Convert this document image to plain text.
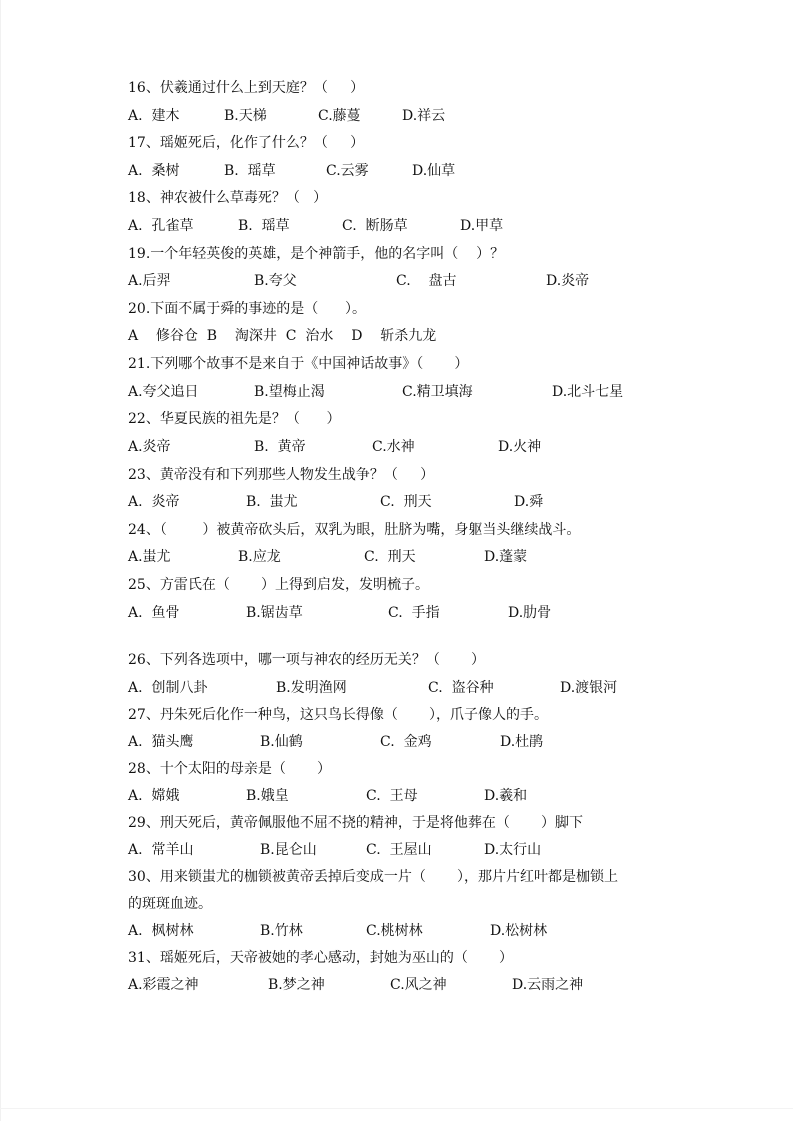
16、伏羲通过什么上到天庭？（     ）
A.  建木	B.天梯	C.藤蔓	D.祥云
17、瑶姬死后，化作了什么？（     ）
A.  桑树	B.  瑶草	C.云雾	D.仙草
18、神农被什么草毒死？（   ）
A.  孔雀草	B.  瑶草	C.  断肠草	D.甲草
19.一个年轻英俊的英雄，是个神箭手，他的名字叫（    ）？
A.后羿	B.夸父	C.    盘古	D.炎帝
20.下面不属于舜的事迹的是（      ）。
A    修谷仓  B    淘深井  C  治水    D    斩杀九龙
21.下列哪个故事不是来自于《中国神话故事》（       ）
A.夸父追日	B.望梅止渴	C.精卫填海	D.北斗七星
22、华夏民族的祖先是？（      ）
A.炎帝	B.  黄帝	C.水神	D.火神
23、黄帝没有和下列那些人物发生战争？（     ）
A.  炎帝	B.  蚩尤	C.  刑天	D.舜
24、（        ）被黄帝砍头后，双乳为眼，肚脐为嘴，身躯当头继续战斗。
A.蚩尤	B.应龙	C.  刑天	D.蓬蒙
25、方雷氏在（       ）上得到启发，发明梳子。
A.  鱼骨	B.锯齿草	C.  手指	D.肋骨
26、下列各选项中，哪一项与神农的经历无关？（       ）
A.  创制八卦	B.发明渔网	C.  盗谷种	D.渡银河
27、丹朱死后化作一种鸟，这只鸟长得像（       ），爪子像人的手。
A.  猫头鹰	B.仙鹤	C.  金鸡	D.杜鹃
28、十个太阳的母亲是（       ）
A.  嫦娥	B.娥皇	C.  王母	D.羲和
29、刑天死后，黄帝佩服他不屈不挠的精神，于是将他葬在（       ）脚下
A.  常羊山	B.昆仑山	C.  王屋山	D.太行山
30、用来锁蚩尤的枷锁被黄帝丢掉后变成一片（       ），那片片红叶都是枷锁上
的斑斑血迹。
A.  枫树林	B.竹林	C.桃树林	D.松树林
31、瑶姬死后，天帝被她的孝心感动，封她为巫山的（       ）
A.彩霞之神	B.梦之神	C.风之神	D.云雨之神
